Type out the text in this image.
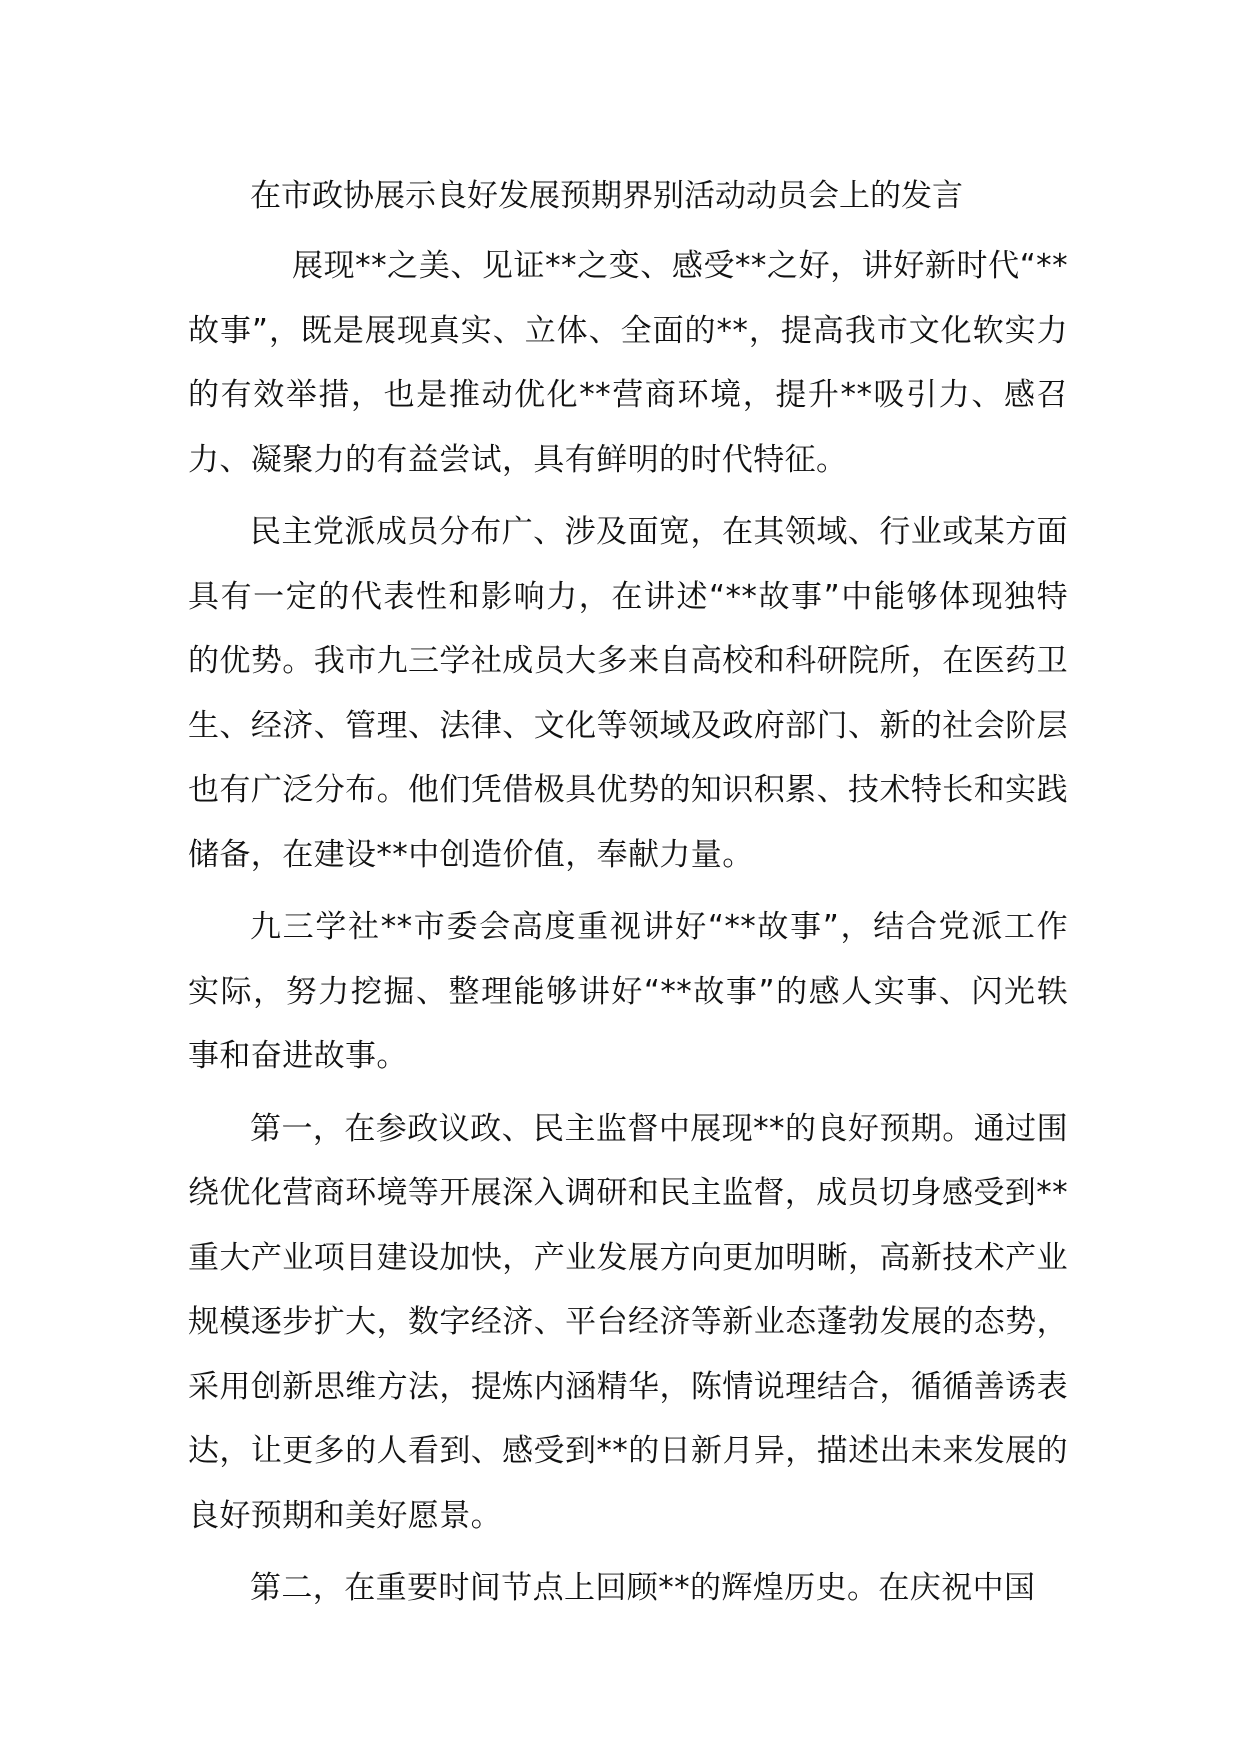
在市政协展示良好发展预期界别活动动员会上的发言

展现**之美、见证**之变、感受**之好，讲好新时代“**故事”，既是展现真实、立体、全面的**，提高我市文化软实力的有效举措，也是推动优化**营商环境，提升**吸引力、感召力、凝聚力的有益尝试，具有鲜明的时代特征。

民主党派成员分布广、涉及面宽，在其领域、行业或某方面具有一定的代表性和影响力，在讲述“**故事”中能够体现独特的优势。我市九三学社成员大多来自高校和科研院所，在医药卫生、经济、管理、法律、文化等领域及政府部门、新的社会阶层也有广泛分布。他们凭借极具优势的知识积累、技术特长和实践储备，在建设**中创造价值，奉献力量。

九三学社**市委会高度重视讲好“**故事”，结合党派工作实际，努力挖掘、整理能够讲好“**故事”的感人实事、闪光轶事和奋进故事。

第一，在参政议政、民主监督中展现**的良好预期。通过围绕优化营商环境等开展深入调研和民主监督，成员切身感受到**重大产业项目建设加快，产业发展方向更加明晰，高新技术产业规模逐步扩大，数字经济、平台经济等新业态蓬勃发展的态势，采用创新思维方法，提炼内涵精华，陈情说理结合，循循善诱表达，让更多的人看到、感受到**的日新月异，描述出未来发展的良好预期和美好愿景。

第二，在重要时间节点上回顾**的辉煌历史。在庆祝中国
